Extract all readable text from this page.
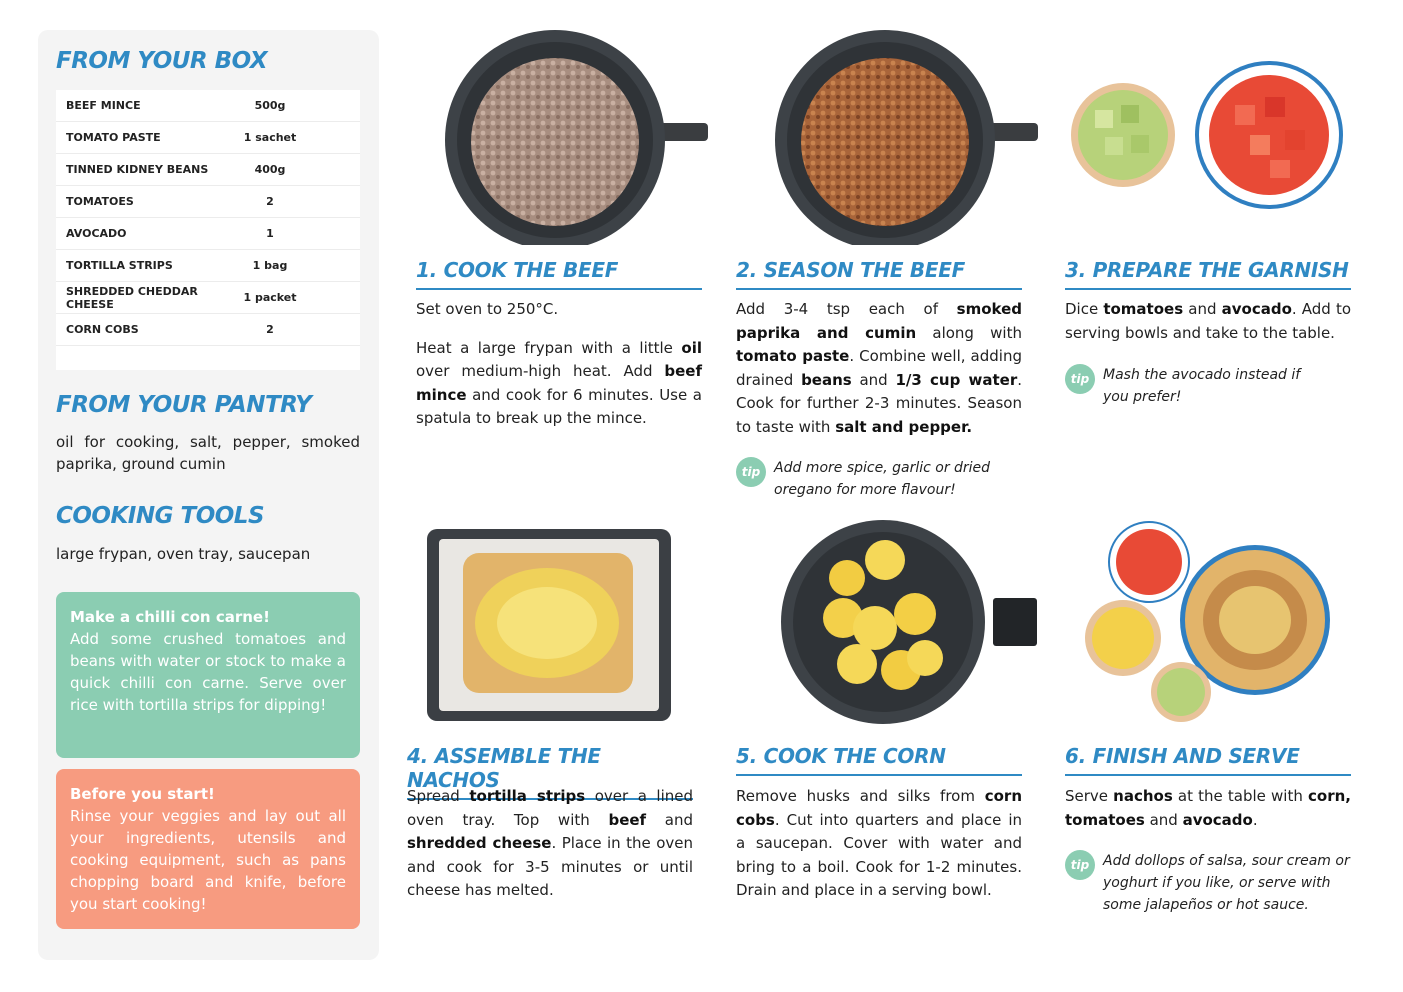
FROM YOUR BOX
BEEF MINCE	500g
TOMATO PASTE	1 sachet
TINNED KIDNEY BEANS	400g
TOMATOES	2
AVOCADO	1
TORTILLA STRIPS	1 bag
SHREDDED CHEDDAR CHEESE	1 packet
CORN COBS	2
FROM YOUR PANTRY
oil for cooking, salt, pepper, smoked paprika, ground cumin
COOKING TOOLS
large frypan, oven tray, saucepan
Make a chilli con carne!
Add some crushed tomatoes and beans with water or stock to make a quick chilli con carne. Serve over rice with tortilla strips for dipping!
Before you start!
Rinse your veggies and lay out all your ingredients, utensils and cooking equipment, such as pans chopping board and knife, before you start cooking!
1. COOK THE BEEF

Set oven to 250°C.

Heat a large frypan with a little oil over medium-high heat. Add beef mince and cook for 6 minutes. Use a spatula to break up the mince.

2. SEASON THE BEEF

Add 3-4 tsp each of smoked paprika and cumin along with tomato paste. Combine well, adding drained beans and 1/3 cup water. Cook for further 2-3 minutes. Season to taste with salt and pepper.

tip Add more spice, garlic or dried oregano for more flavour!
3. PREPARE THE GARNISH

Dice tomatoes and avocado. Add to serving bowls and take to the table.

tip Mash the avocado instead if you prefer!
4. ASSEMBLE THE NACHOS

Spread tortilla strips over a lined oven tray. Top with beef and shredded cheese. Place in the oven and cook for 3-5 minutes or until cheese has melted.

5. COOK THE CORN

Remove husks and silks from corn cobs. Cut into quarters and place in a saucepan. Cover with water and bring to a boil. Cook for 1-2 minutes. Drain and place in a serving bowl.

6. FINISH AND SERVE

Serve nachos at the table with corn, tomatoes and avocado.

tip Add dollops of salsa, sour cream or yoghurt if you like, or serve with some jalapeños or hot sauce.
